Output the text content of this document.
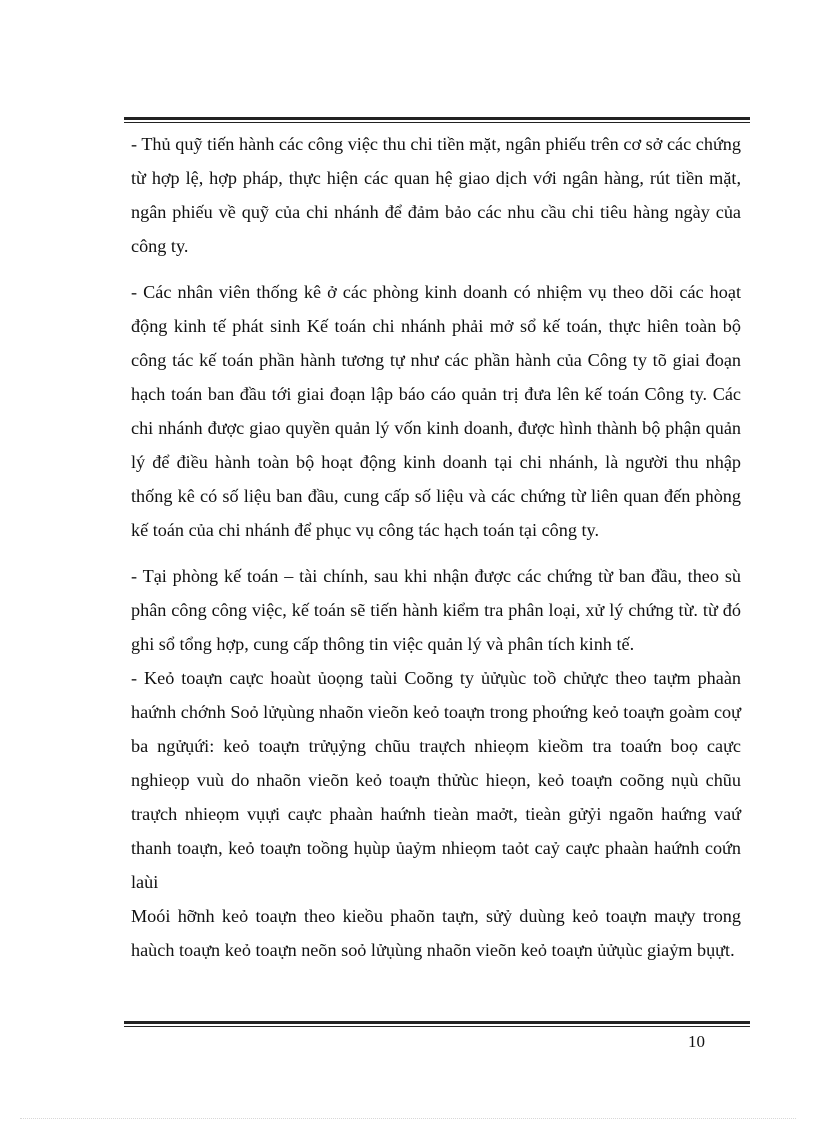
- Thủ quỹ tiến hành các công việc thu chi tiền mặt, ngân phiếu trên cơ sở các chứng từ hợp lệ, hợp pháp, thực hiện các quan hệ giao dịch với ngân hàng, rút tiền mặt, ngân phiếu về quỹ của chi nhánh để đảm bảo các nhu cầu chi tiêu hàng ngày của công ty.

- Các nhân viên thống kê ở các phòng kinh doanh có nhiệm vụ theo dõi các hoạt động kinh tế phát sinh Kế toán chi nhánh phải mở sổ kế toán, thực hiên toàn bộ công tác kế toán phần hành tương tự như các phần hành của Công ty tõ giai đoạn hạch toán ban đầu tới giai đoạn lập báo cáo quản trị đưa lên kế toán Công ty. Các chi nhánh được giao quyền quản lý vốn kinh doanh, được hình thành bộ phận quản lý để điều hành toàn bộ hoạt động kinh doanh tại chi nhánh, là người thu nhập thống kê có số liệu ban đầu, cung cấp số liệu và các chứng từ liên quan đến phòng kế toán của chi nhánh để phục vụ công tác hạch toán tại công ty.

- Tại phòng kế toán – tài chính, sau khi nhận được các chứng từ ban đầu, theo sù phân công công việc, kế toán sẽ tiến hành kiểm tra phân loại, xử lý chứng từ. từ đó ghi sổ tổng hợp, cung cấp thông tin việc quản lý và phân tích kinh tế.

- Keỏ toaựn caực hoaùt ủoọng taùi Coõng ty ủửụùc toồ chửực theo taựm phaàn haứnh chớnh Soỏ lửụùng nhaõn vieõn keỏ toaựn trong phoứng keỏ toaựn goàm coự ba ngửụứi: keỏ toaựn trửụỷng chũu traựch nhieọm kieồm tra toaứn boọ caực nghieọp vuù do nhaõn vieõn keỏ toaựn thửùc hieọn, keỏ toaựn coõng nụù chũu traựch nhieọm vụựi caực phaàn haứnh tieàn maởt, tieàn gửỷi ngaõn haứng vaứ thanh toaựn, keỏ toaựn toồng hụùp ủaỷm nhieọm taỏt caỷ caực phaàn haứnh coứn laùi

Moói hỡnh keỏ toaựn theo kieồu phaõn taựn, sửỷ duùng keỏ toaựn maựy trong haùch toaựn keỏ toaựn neõn soỏ lửụùng nhaõn vieõn keỏ toaựn ủửụùc giaỷm bụựt.

10
